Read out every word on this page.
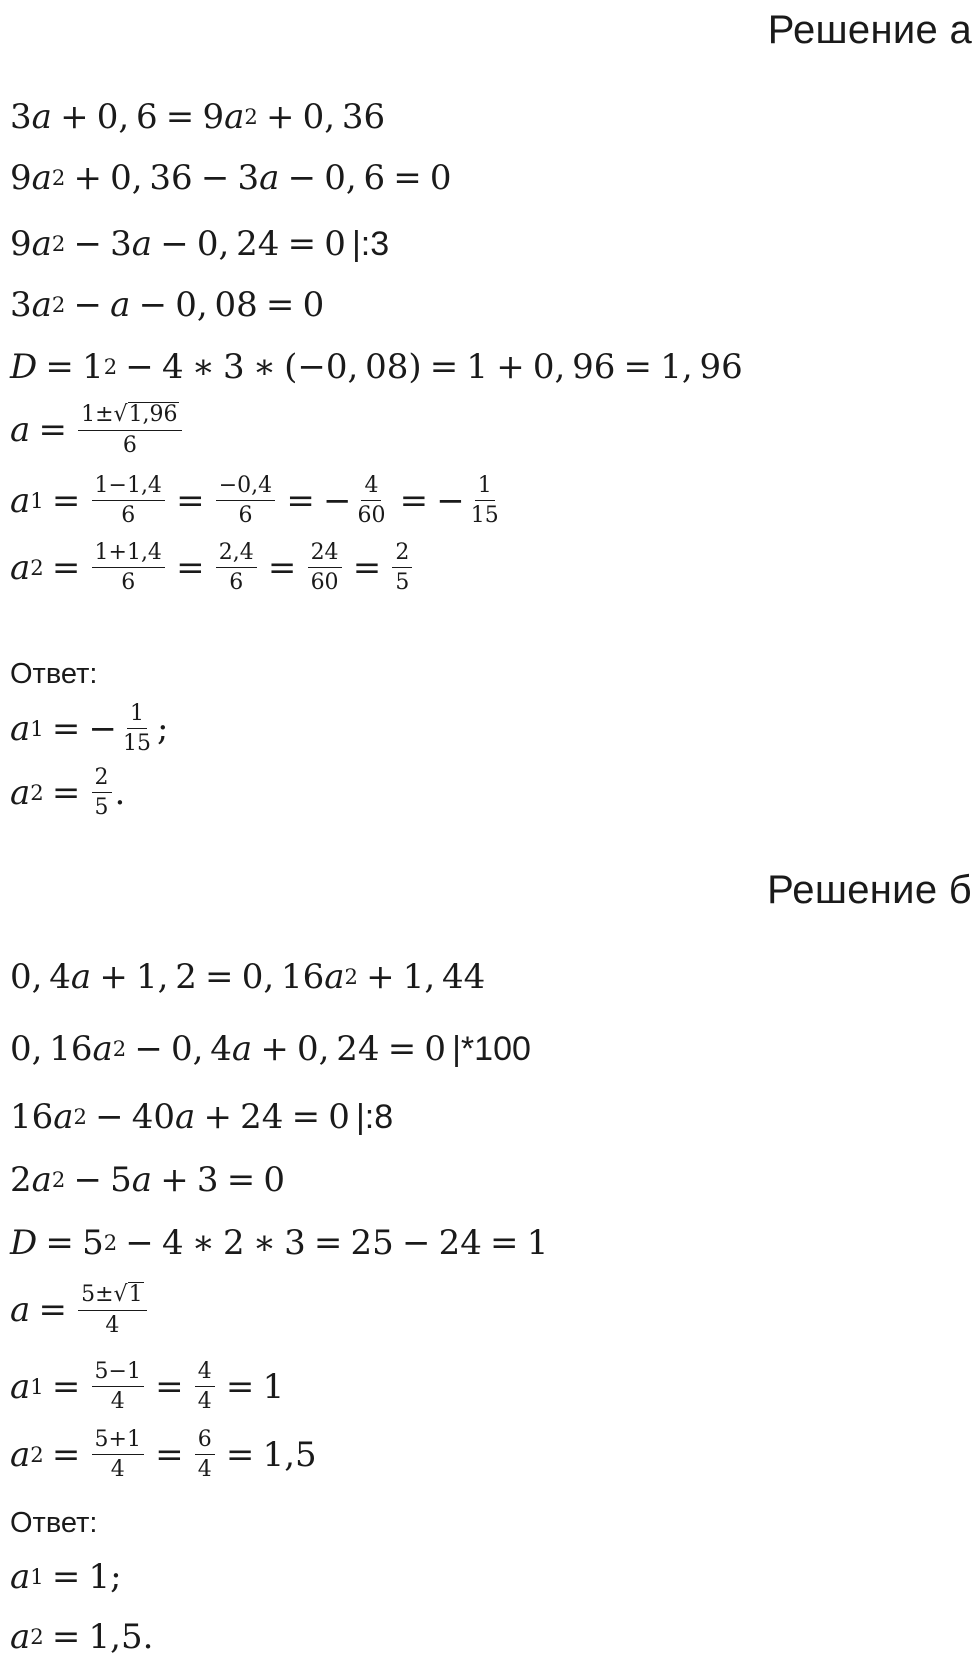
Решение а
3 a + 0 , 6 = 9 a 2 + 0 , 36
9 a 2 + 0 , 36 − 3 a − 0 , 6 = 0
9 a 2 − 3 a − 0 , 24 = 0 |:3
3 a 2 − a − 0 , 08 = 0
D = 1 2 − 4 ∗ 3 ∗ (−0 , 08) = 1 + 0 , 96 = 1 , 96
$a = \frac{1\pm √ 1,96}{6}$
a $1 = \frac{1-1,4}{6} = \frac{-0,4}{6}$ = − $\frac{4}{60}$ = − $\frac{1}{15}$
a $2 = \frac{1+1,4}{6} = \frac{2,4}{6} = \frac{24}{60} = \frac{2}{5}$
Ответ:
a 1 = − $\frac{1}{15}$ ;
a $2 = \frac{2}{5}$ .
Решение б
0 , 4 a + 1 , 2 = 0 , 16 a 2 + 1 , 44
0 , 16 a 2 − 0 , 4 a + 0 , 24 = 0 |*100
16 a 2 − 40 a + 24 = 0 |:8
2 a 2 − 5 a + 3 = 0
D = 5 2 − 4 ∗ 2 ∗ 3 = 25 − 24 = 1
$a = \frac{5\pm √ 1}{4}$
a $1 = \frac{5-1}{4} = \frac{4}{4} = 1$
a $2 = \frac{5+1}{4} = \frac{6}{4} = 1,5$
Ответ:
a 1 = 1 ;
a 2 = 1,5 .
